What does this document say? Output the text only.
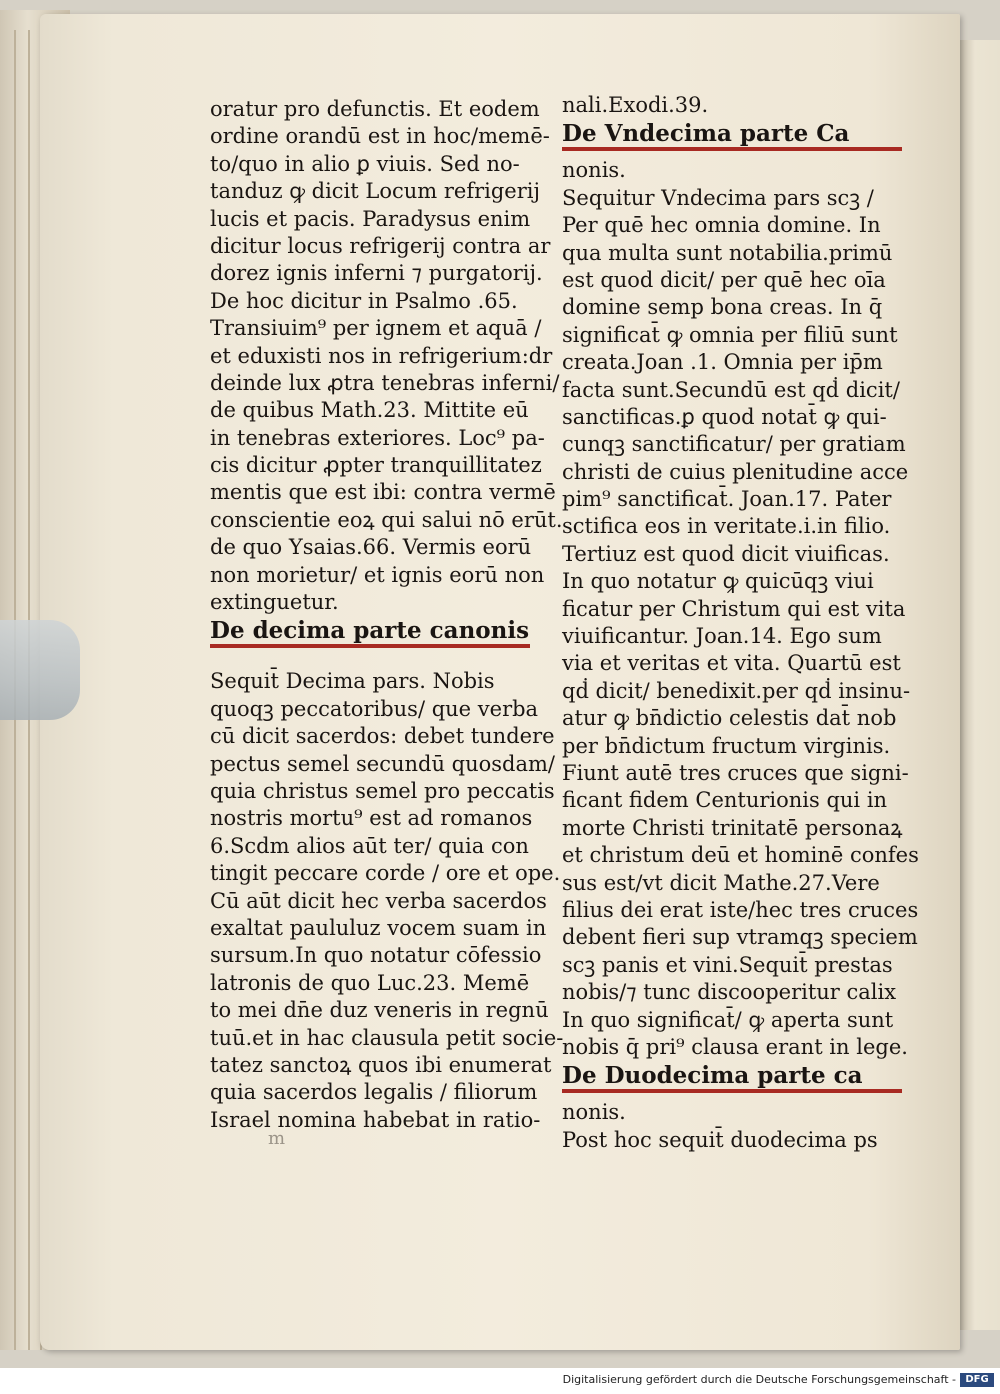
oratur pro defunctis. Et eodem
ordine orandū est in hoc/memē-
to/quo in alio ꝑ viuis. Sed no-
tanduz ꝙ dicit Locum refrigerij
lucis et pacis. Paradysus enim
dicitur locus refrigerij contra ar
dorez ignis inferni ⁊ purgatorij.
De hoc dicitur in Psalmo .65.
Transiuim⁹ per ignem et aquā /
et eduxisti nos in refrigerium:dr
deinde lux ꝓtra tenebras inferni/
de quibus Math.23. Mittite eū
in tenebras exteriores. Loc⁹ pa-
cis dicitur ꝓpter tranquillitatez
mentis que est ibi: contra vermē
conscientie eoꝝ qui salui nō erūt.
de quo Ysaias.66. Vermis eorū
non morietur/ et ignis eorū non
extinguetur.
De decima parte canonis
Sequit̄ Decima pars. Nobis
quoqꝫ peccatoribus/ que verba
cū dicit sacerdos: debet tundere
pectus semel secundū quosdam/
quia christus semel pro peccatis
nostris mortu⁹ est ad romanos
6.Scdm alios aūt ter/ quia con
tingit peccare corde / ore et ope.
Cū aūt dicit hec verba sacerdos
exaltat paululuz vocem suam in
sursum.In quo notatur cōfessio
latronis de quo Luc.23. Memē
to mei dn̄e duz veneris in regnū
tuū.et in hac clausula petit socie-
tatez sanctoꝝ quos ibi enumerat
quia sacerdos legalis / filiorum
Israel nomina habebat in ratio-
m
nali.Exodi.39.
De Vndecima parte Ca
nonis.
Sequitur Vndecima pars scꝫ /
Per quē hec omnia domine. In
qua multa sunt notabilia.primū
est quod dicit/ per quē hec oīa
domine semp bona creas. In q̄
significat̄ ꝙ omnia per filiū sunt
creata.Joan .1. Omnia per ip̄m
facta sunt.Secundū est qḋ dicit/
sanctificas.ꝑ quod notat̄ ꝙ qui-
cunqꝫ sanctificatur/ per gratiam
christi de cuius plenitudine acce
pim⁹ sanctificat̄. Joan.17. Pater
sctifica eos in veritate.i.in filio.
Tertiuz est quod dicit viuificas.
In quo notatur ꝙ quicūqꝫ viui
ficatur per Christum qui est vita
viuificantur. Joan.14. Ego sum
via et veritas et vita. Quartū est
qḋ dicit/ benedixit.per qḋ insinu-
atur ꝙ bn̄dictio celestis dat̄ nob
per bn̄dictum fructum virginis.
Fiunt autē tres cruces que signi-
ficant fidem Centurionis qui in
morte Christi trinitatē personaꝝ
et christum deū et hominē confes
sus est/vt dicit Mathe.27.Vere
filius dei erat iste/hec tres cruces
debent fieri sup vtramqꝫ speciem
scꝫ panis et vini.Sequit̄ prestas
nobis/⁊ tunc discooperitur calix
In quo significat̄/ ꝙ aperta sunt
nobis q̄ pri⁹ clausa erant in lege.
De Duodecima parte ca
nonis.
Post hoc sequit̄ duodecima ps
Digitalisierung gefördert durch die Deutsche Forschungsgemeinschaft - DFG
